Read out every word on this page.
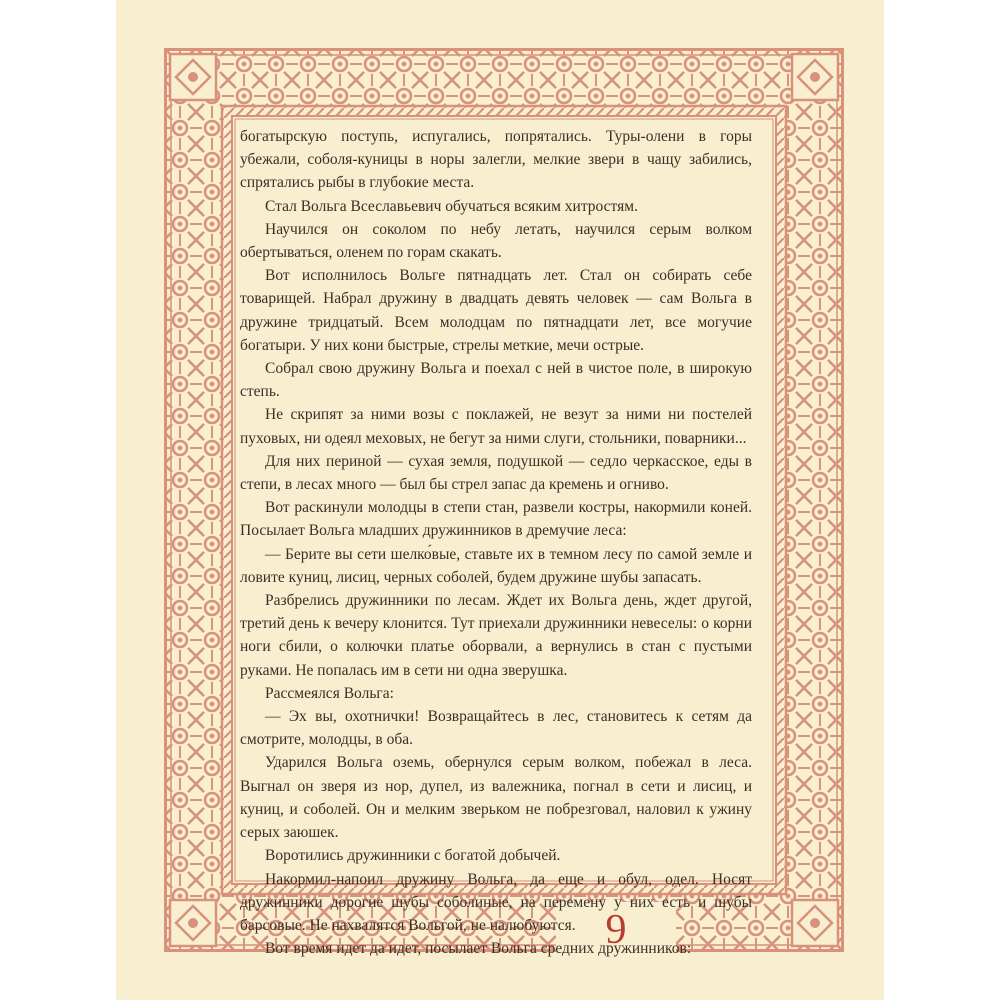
9

богатырскую поступь, испугались, попрятались. Туры-олени в горы убежали, соболя-куницы в норы залегли, мелкие звери в чащу забились, спрятались рыбы в глубокие места.

Стал Вольга Всеславьевич обучаться всяким хитростям.

Научился он соколом по небу летать, научился серым волком обертываться, оленем по горам скакать.

Вот исполнилось Вольге пятнадцать лет. Стал он собирать себе товарищей. Набрал дружину в двадцать девять человек — сам Вольга в дружине тридцатый. Всем молодцам по пятнадцати лет, все могучие богатыри. У них кони быстрые, стрелы меткие, мечи острые.

Собрал свою дружину Вольга и поехал с ней в чистое поле, в широкую степь.

Не скрипят за ними возы с поклажей, не везут за ними ни постелей пуховых, ни одеял меховых, не бегут за ними слуги, стольники, поварники...

Для них периной — сухая земля, подушкой — седло черкасское, еды в степи, в лесах много — был бы стрел запас да кремень и огниво.

Вот раскинули молодцы в степи стан, развели костры, накормили коней. Посылает Вольга младших дружинников в дремучие леса:

— Берите вы сети шелко́вые, ставьте их в темном лесу по самой земле и ловите куниц, лисиц, черных соболей, будем дружине шубы запасать.

Разбрелись дружинники по лесам. Ждет их Вольга день, ждет другой, третий день к вечеру клонится. Тут приехали дружинники невеселы: о корни ноги сбили, о колючки платье оборвали, а вернулись в стан с пустыми руками. Не попалась им в сети ни одна зверушка.

Рассмеялся Вольга:

— Эх вы, охотнички! Возвращайтесь в лес, становитесь к сетям да смотрите, молодцы, в оба.

Ударился Вольга оземь, обернулся серым волком, побежал в леса. Выгнал он зверя из нор, дупел, из валежника, погнал в сети и лисиц, и куниц, и соболей. Он и мелким зверьком не побрезговал, наловил к ужину серых заюшек.

Воротились дружинники с богатой добычей.

Накормил-напоил дружину Вольга, да еще и обул, одел. Носят дружинники дорогие шубы соболиные, на перемену у них есть и шубы барсовые. Не нахвалятся Вольгой, не налюбуются.

Вот время идет да идет, посылает Вольга средних дружинников:
